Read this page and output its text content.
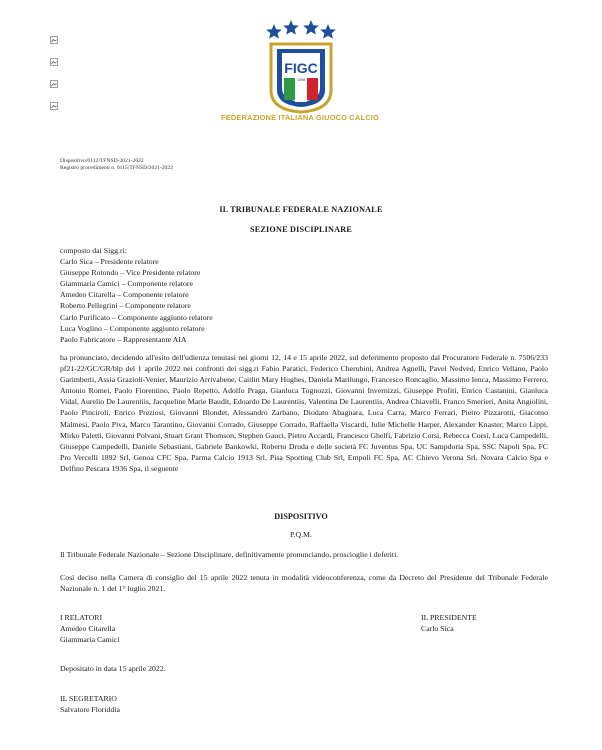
FIGC
1898
FEDERAZIONE ITALIANA GIUOCO CALCIO
Dispositivo/0112/TFNSD-2021-2022
Registro procedimenti n. 0115/TFNSD/2021-2022
IL TRIBUNALE FEDERALE NAZIONALE
SEZIONE DISCIPLINARE
composto dai Sigg.ri:
Carlo Sica – Presidente relatore
Giuseppe Rotondo – Vice Presidente relatore
Giammaria Camici – Componente relatore
Amedeo Citarella – Componente relatore
Roberto Pellegrini – Componente relatore
Carlo Purificato – Componente aggiunto relatore
Luca Voglino – Componente aggiunto relatore
Paolo Fabricatore – Rappresentante AIA
ha pronunciato, decidendo all'esito dell'udienza tenutasi nei giorni 12, 14 e 15 aprile 2022, sul deferimento proposto dal Procuratore Federale n. 7506/233 pf21-22/GC/GR/blp del 1 aprile 2022 nei confronti dei sigg.ri Fabio Paratici, Federico Cherubini, Andrea Agnelli, Pavel Nedved, Enrico Vellano, Paolo Garimberti, Assia Grazioli-Venier, Maurizio Arrivabene, Caitlin Mary Hughes, Daniela Marilungo, Francesco Roncaglio, Massimo Ienca, Massimo Ferrero, Antonio Romei, Paolo Fiorentino, Paolo Repetto, Adolfo Praga, Gianluca Tognozzi, Giovanni Invernizzi, Giuseppe Profiti, Enrico Castanini, Gianluca Vidal, Aurelio De Laurentiis, Jacqueline Marie Baudit, Edoardo De Laurentiis, Valentina De Laurentiis, Andrea Chiavelli, Franco Smerieri, Anita Angiolini, Paolo Pinciroli, Enrico Preziosi, Giovanni Blondet, Alessandro Zarbano, Diodato Abagnara, Luca Carra, Marco Ferrari, Pietro Pizzarotti, Giacomo Malmesi, Paolo Piva, Marco Tarantino, Giovanni Corrado, Giuseppe Corrado, Raffaella Viscardi, Julie Michelle Harper, Alexander Knaster, Marco Lippi, Mirko Paletti, Giovanni Polvani, Stuart Grant Thomson, Stephen Gauci, Pietro Accardi, Francesco Ghelfi, Fabrizio Corsi, Rebecca Corsi, Luca Campedelli, Giuseppe Campedelli, Daniele Sebastiani, Gabriele Bankowki, Roberto Druda e delle società FC Juventus Spa, UC Sampdoria Spa, SSC Napoli Spa, FC Pro Vercelli 1892 Srl, Genoa CFC Spa, Parma Calcio 1913 Srl, Pisa Sporting Club Srl, Empoli FC Spa, AC Chievo Verona Srl, Novara Calcio Spa e Delfino Pescara 1936 Spa, il seguente
DISPOSITIVO
P.Q.M.
Il Tribunale Federale Nazionale – Sezione Disciplinare, definitivamente pronunciando, proscioglie i deferiti.
Così deciso nella Camera di consiglio del 15 aprile 2022 tenuta in modalità videoconferenza, come da Decreto del Presidente del Tribunale Federale Nazionale n. 1 del 1° luglio 2021.
I RELATORI
Amedeo Citarella
Giammaria Camici
IL PRESIDENTE
Carlo Sica
Depositato in data 15 aprile 2022.
IL SEGRETARIO
Salvatore Floriddia
